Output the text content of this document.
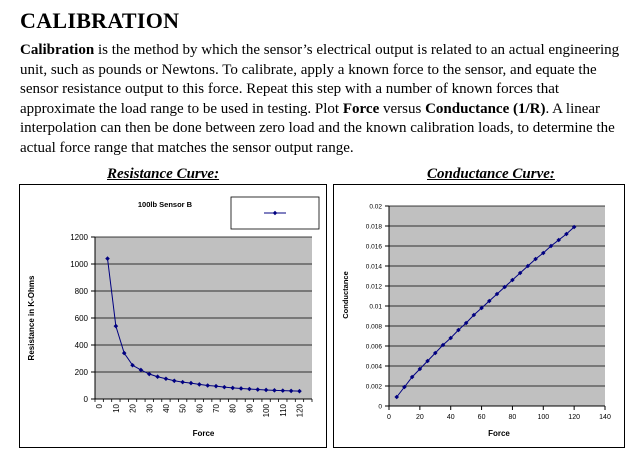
CALIBRATION
Calibration is the method by which the sensor’s electrical output is related to an actual engineering unit, such as pounds or Newtons. To calibrate, apply a known force to the sensor, and equate the sensor resistance output to this force. Repeat this step with a number of known forces that approximate the load range to be used in testing. Plot Force versus Conductance (1/R). A linear interpolation can then be done between zero load and the known calibration loads, to determine the actual force range that matches the sensor output range.
Resistance Curve:	Conductance Curve:
0
200
400
600
800
1000
1200
0 10 20 30 40 50 60 70 80 90 100 110 120
100lb Sensor B
Force
Resistance in K-Ohms
0
0.002
0.004
0.006
0.008
0.01
0.012
0.014
0.016
0.018
0.02
0	20	40	60	80	100	120	140
Force
Conductance
